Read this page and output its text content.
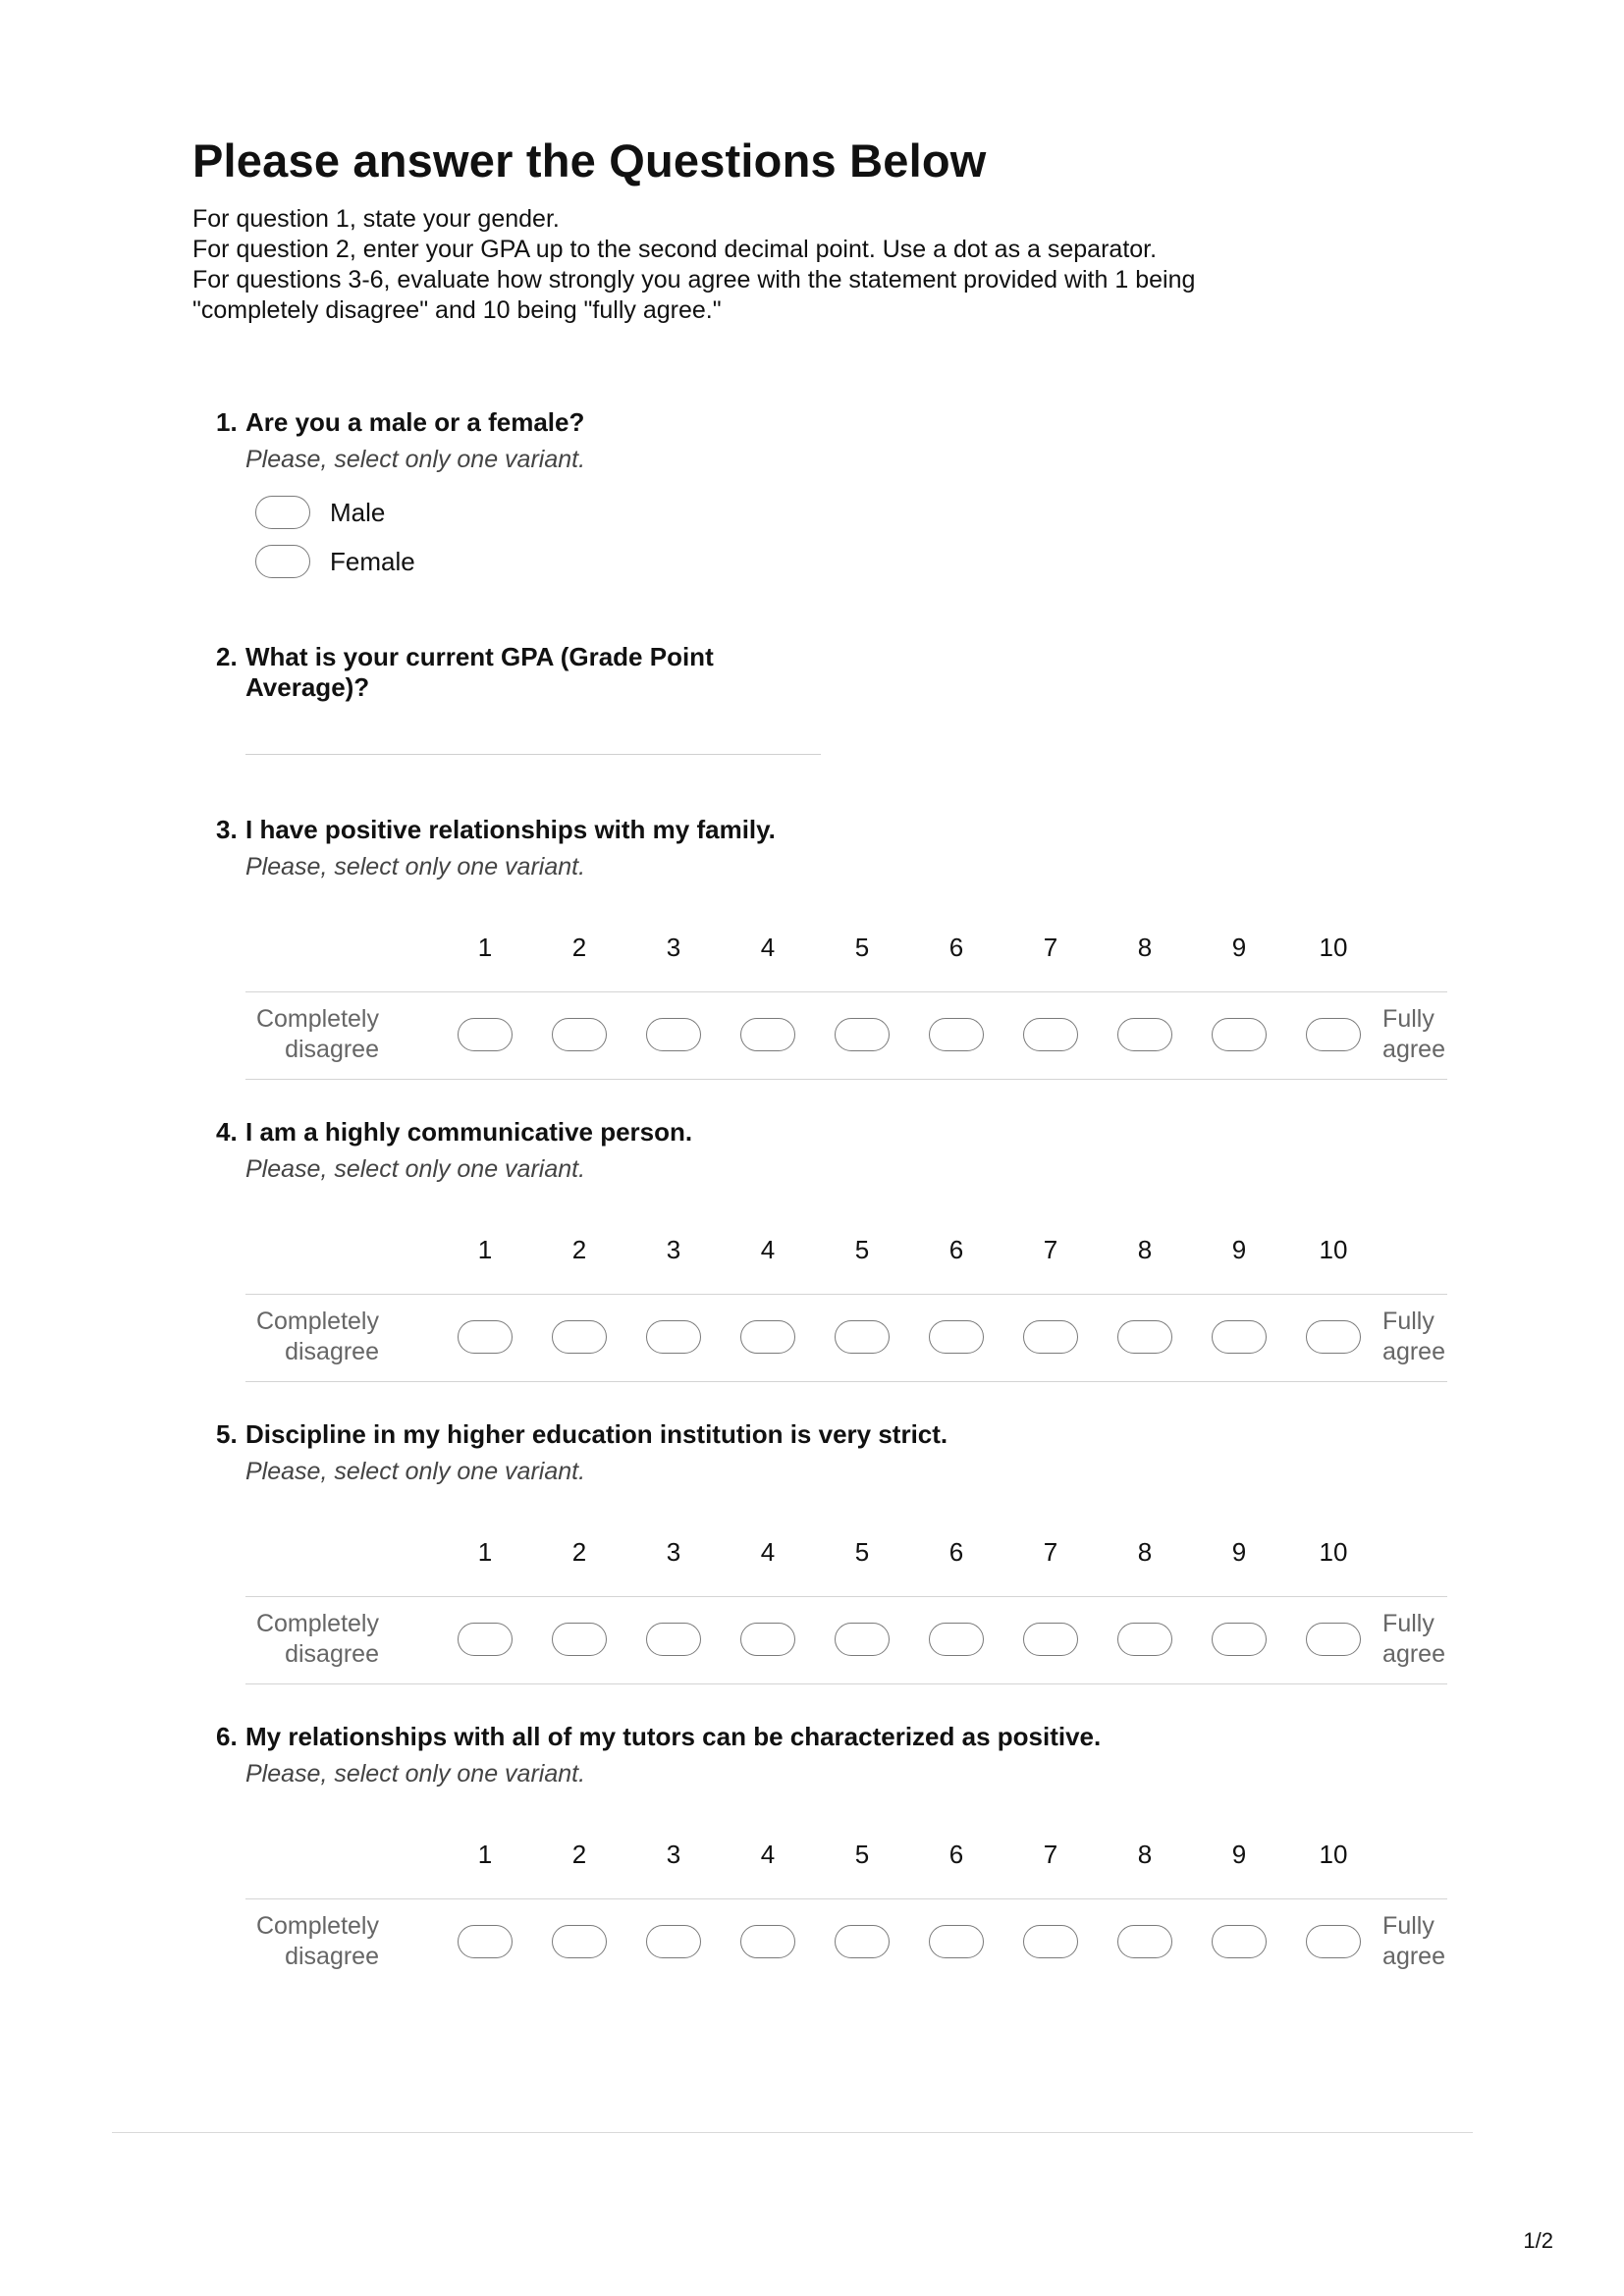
Please answer the Questions Below
For question 1, state your gender.
For question 2, enter your GPA up to the second decimal point. Use a dot as a separator.
For questions 3-6, evaluate how strongly you agree with the statement provided with 1 being
"completely disagree" and 10 being "fully agree."
1. Are you a male or a female?
Please, select only one variant.
Male
Female
2. What is your current GPA (Grade Point
Average)?
3. I have positive relationships with my family.
Please, select only one variant.
1	2	3	4	5	6	7	8	9	10
Completely
disagree
Fully
agree
4. I am a highly communicative person.
Please, select only one variant.
1	2	3	4	5	6	7	8	9	10
Completely
disagree
Fully
agree
5. Discipline in my higher education institution is very strict.
Please, select only one variant.
1	2	3	4	5	6	7	8	9	10
Completely
disagree
Fully
agree
6. My relationships with all of my tutors can be characterized as positive.
Please, select only one variant.
1	2	3	4	5	6	7	8	9	10
Completely
disagree
Fully
agree
1/2
